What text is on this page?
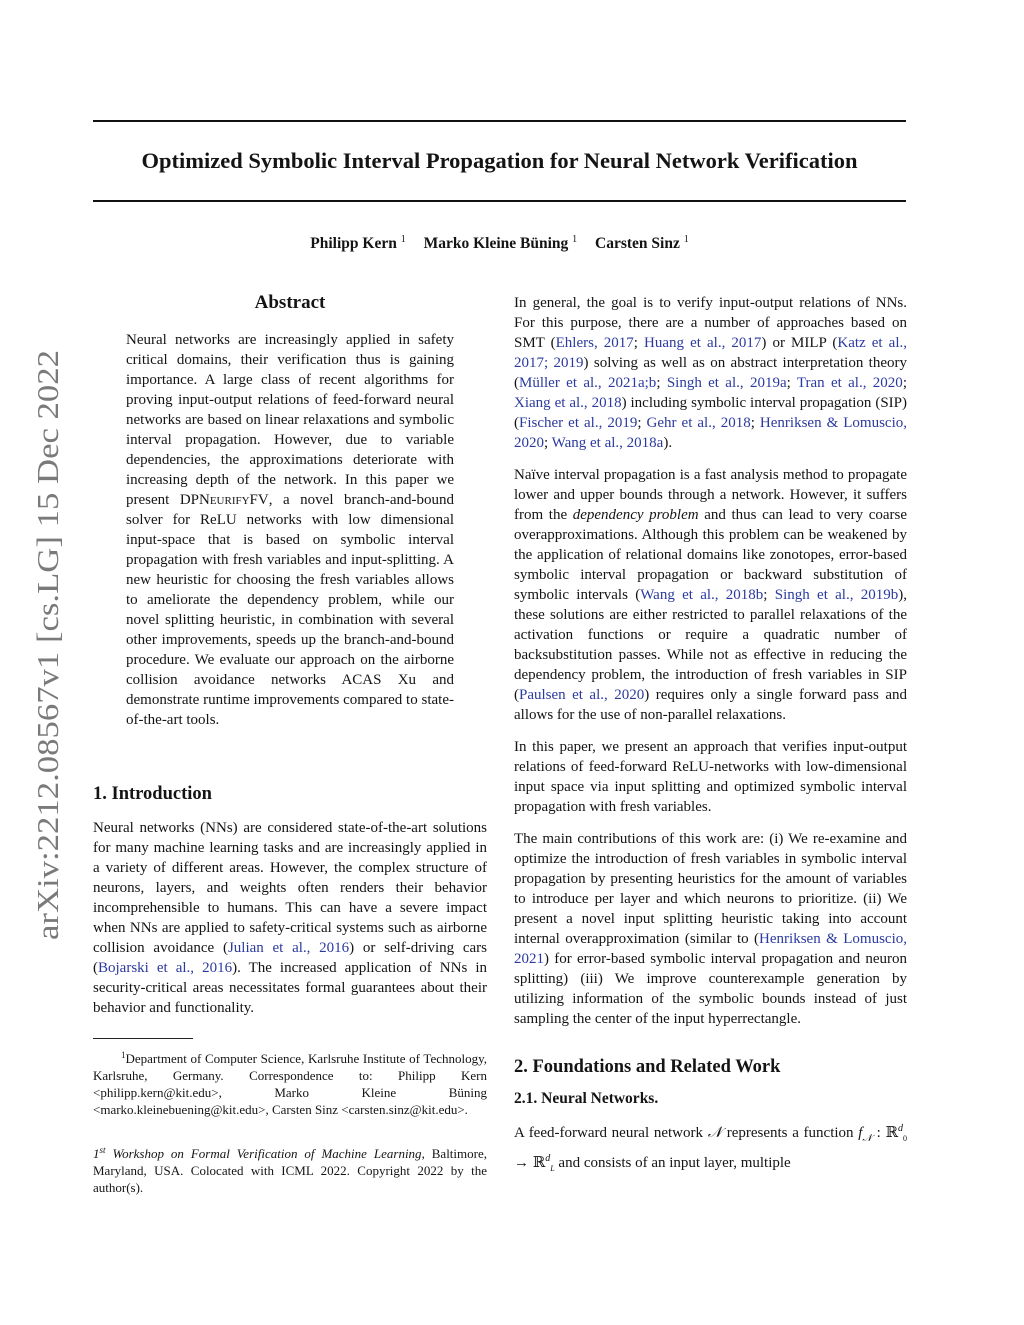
arXiv:2212.08567v1 [cs.LG] 15 Dec 2022
Optimized Symbolic Interval Propagation for Neural Network Verification
Philipp Kern $^1$ Marko Kleine Büning $^1$ Carsten Sinz $^1$
Abstract

Neural networks are increasingly applied in safety critical domains, their verification thus is gaining importance. A large class of recent algorithms for proving input-output relations of feed-forward neural networks are based on linear relaxations and symbolic interval propagation. However, due to variable dependencies, the approximations deteriorate with increasing depth of the network. In this paper we present DPNeurifyFV, a novel branch-and-bound solver for ReLU networks with low dimensional input-space that is based on symbolic interval propagation with fresh variables and input-splitting. A new heuristic for choosing the fresh variables allows to ameliorate the dependency problem, while our novel splitting heuristic, in combination with several other improvements, speeds up the branch-and-bound procedure. We evaluate our approach on the airborne collision avoidance networks ACAS Xu and demonstrate runtime improvements compared to state-of-the-art tools.

1. Introduction

Neural networks (NNs) are considered state-of-the-art solutions for many machine learning tasks and are increasingly applied in a variety of different areas. However, the complex structure of neurons, layers, and weights often renders their behavior incomprehensible to humans. This can have a severe impact when NNs are applied to safety-critical systems such as airborne collision avoidance (Julian et al., 2016) or self-driving cars (Bojarski et al., 2016). The increased application of NNs in security-critical areas necessitates formal guarantees about their behavior and functionality.

$^1$Department of Computer Science, Karlsruhe Institute of Technology, Karlsruhe, Germany. Correspondence to: Philipp Kern <philipp.kern@kit.edu>, Marko Kleine Büning <marko.kleinebuening@kit.edu>, Carsten Sinz <carsten.sinz@kit.edu>.

1st Workshop on Formal Verification of Machine Learning, Baltimore, Maryland, USA. Colocated with ICML 2022. Copyright 2022 by the author(s).

In general, the goal is to verify input-output relations of NNs. For this purpose, there are a number of approaches based on SMT (Ehlers, 2017; Huang et al., 2017) or MILP (Katz et al., 2017; 2019) solving as well as on abstract interpretation theory (Müller et al., 2021a;b; Singh et al., 2019a; Tran et al., 2020; Xiang et al., 2018) including symbolic interval propagation (SIP) (Fischer et al., 2019; Gehr et al., 2018; Henriksen & Lomuscio, 2020; Wang et al., 2018a).

Naïve interval propagation is a fast analysis method to propagate lower and upper bounds through a network. However, it suffers from the dependency problem and thus can lead to very coarse overapproximations. Although this problem can be weakened by the application of relational domains like zonotopes, error-based symbolic interval propagation or backward substitution of symbolic intervals (Wang et al., 2018b; Singh et al., 2019b), these solutions are either restricted to parallel relaxations of the activation functions or require a quadratic number of backsubstitution passes. While not as effective in reducing the dependency problem, the introduction of fresh variables in SIP (Paulsen et al., 2020) requires only a single forward pass and allows for the use of non-parallel relaxations.

In this paper, we present an approach that verifies input-output relations of feed-forward ReLU-networks with low-dimensional input space via input splitting and optimized symbolic interval propagation with fresh variables.

The main contributions of this work are: (i) We re-examine and optimize the introduction of fresh variables in symbolic interval propagation by presenting heuristics for the amount of variables to introduce per layer and which neurons to prioritize. (ii) We present a novel input splitting heuristic taking into account internal overapproximation (similar to (Henriksen & Lomuscio, 2021) for error-based symbolic interval propagation and neuron splitting) (iii) We improve counterexample generation by utilizing information of the symbolic bounds instead of just sampling the center of the input hyperrectangle.

2. Foundations and Related Work
2.1. Neural Networks.

A feed-forward neural network 𝒩 represents a function $f_𝒩$ : ℝ$^d_0$ → ℝ$^d_L$ and consists of an input layer, multiple
